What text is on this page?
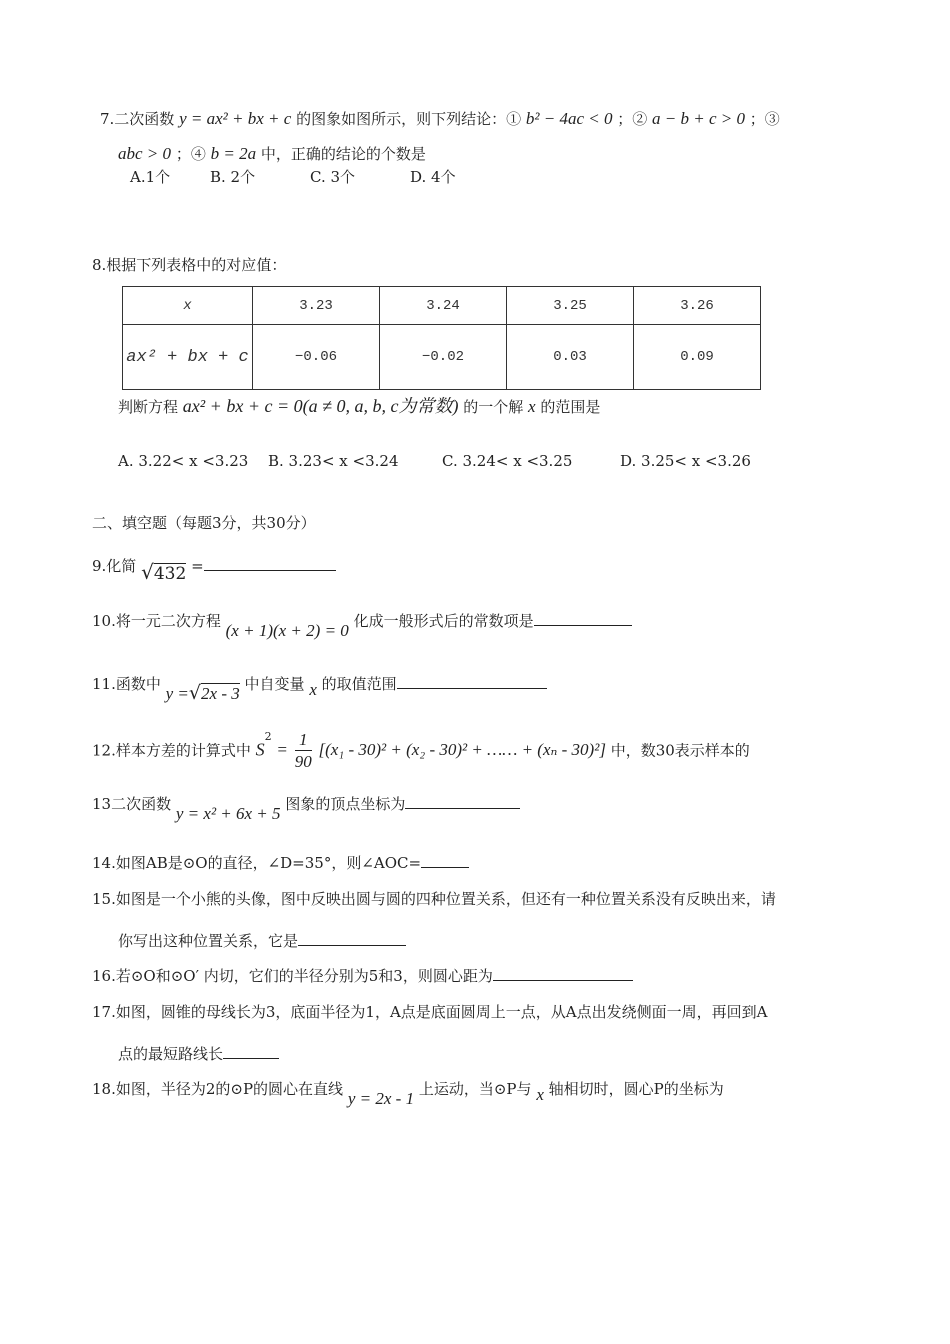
7.二次函数 y = ax² + bx + c 的图象如图所示，则下列结论：① b² − 4ac < 0 ；② a − b + c > 0 ；③
abc > 0 ；④ b = 2a 中，正确的结论的个数是
A.1个	B. 2个	C. 3个	D. 4个
8.根据下列表格中的对应值：
x	3.23	3.24	3.25	3.26
ax² + bx + c	−0.06	−0.02	0.03	0.09
判断方程 ax² + bx + c = 0(a ≠ 0, a, b, c为常数) 的一个解 x 的范围是
A. 3.22< x <3.23 B. 3.23< x <3.24	C. 3.24< x <3.25	D. 3.25< x <3.26
二、填空题（每题3分，共30分）
9.化简 √432 =
10.将一元二次方程 (x + 1)(x + 2) = 0 化成一般形式后的常数项是
11.函数中 y =√2x - 3 中自变量 x 的取值范围
12.样本方差的计算式中 $S^2 = \frac{1}{90} [(x_1 - 30)^2 + (x_2 - 30)^2$ + …… + (xₙ - 30)²] 中，数30表示样本的
13二次函数 y = x² + 6x + 5 图象的顶点坐标为
14.如图AB是⊙O的直径，∠D=35°，则∠AOC=
15.如图是一个小熊的头像，图中反映出圆与圆的四种位置关系，但还有一种位置关系没有反映出来，请
你写出这种位置关系，它是
16.若⊙O和⊙O′ 内切，它们的半径分别为5和3，则圆心距为
17.如图，圆锥的母线长为3，底面半径为1，A点是底面圆周上一点，从A点出发绕侧面一周，再回到A
点的最短路线长
18.如图，半径为2的⊙P的圆心在直线 y = 2x - 1 上运动，当⊙P与 x 轴相切时，圆心P的坐标为
